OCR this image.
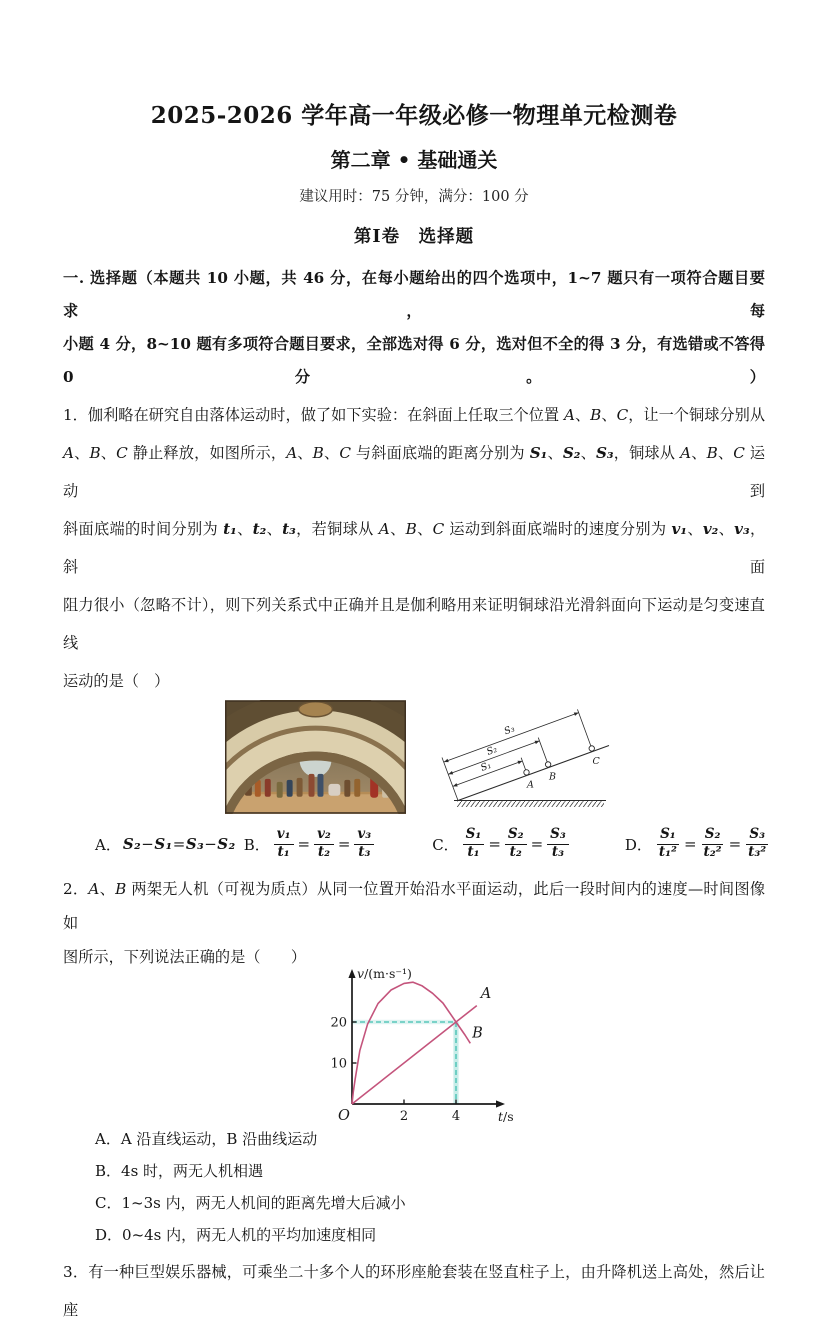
2025-2026 学年高一年级必修一物理单元检测卷
第二章 • 基础通关
建议用时：75 分钟，满分：100 分
第I卷　选择题
一. 选择题（本题共 10 小题，共 46 分，在每小题给出的四个选项中，1~7 题只有一项符合题目要求，每
小题 4 分，8~10 题有多项符合题目要求，全部选对得 6 分，选对但不全的得 3 分，有选错或不答得 0 分。）
1．伽利略在研究自由落体运动时，做了如下实验：在斜面上任取三个位置 A、B、C，让一个铜球分别从
A、B、C 静止释放，如图所示，A、B、C 与斜面底端的距离分别为 S₁、S₂、S₃，铜球从 A、B、C 运动到
斜面底端的时间分别为 t₁、t₂、t₃，若铜球从 A、B、C 运动到斜面底端时的速度分别为 v₁、v₂、v₃，斜面
阻力很小（忽略不计），则下列关系式中正确并且是伽利略用来证明铜球沿光滑斜面向下运动是匀变速直线
运动的是（　）
S₁
S₂
S₃
A
B
C
A． S₂−S₁=S₃−S₂ B． $\frac{\text{v₁}}{\text{t₁}} = \frac{\text{v₂}}{\text{t₂}} = \frac{\text{v₃}}{\text{t₃}}$	C． $\frac{\text{S₁}}{\text{t₁}} = \frac{\text{S₂}}{\text{t₂}} = \frac{\text{S₃}}{\text{t₃}}$	D． $\frac{\text{S₁}}{\text{t₁²}} = \frac{\text{S₂}}{\text{t₂²}} = \frac{\text{S₃}}{\text{t₃²}}$
2．A、B 两架无人机（可视为质点）从同一位置开始沿水平面运动，此后一段时间内的速度—时间图像如
图所示，下列说法正确的是（　　）
2	4
10
20
A
B
O
v/(m·s⁻¹)
t/s
A．A 沿直线运动，B 沿曲线运动
B．4s 时，两无人机相遇
C．1~3s 内，两无人机间的距离先增大后减小
D．0~4s 内，两无人机的平均加速度相同
3．有一种巨型娱乐器械，可乘坐二十多个人的环形座舱套装在竖直柱子上，由升降机送上高处，然后让座
